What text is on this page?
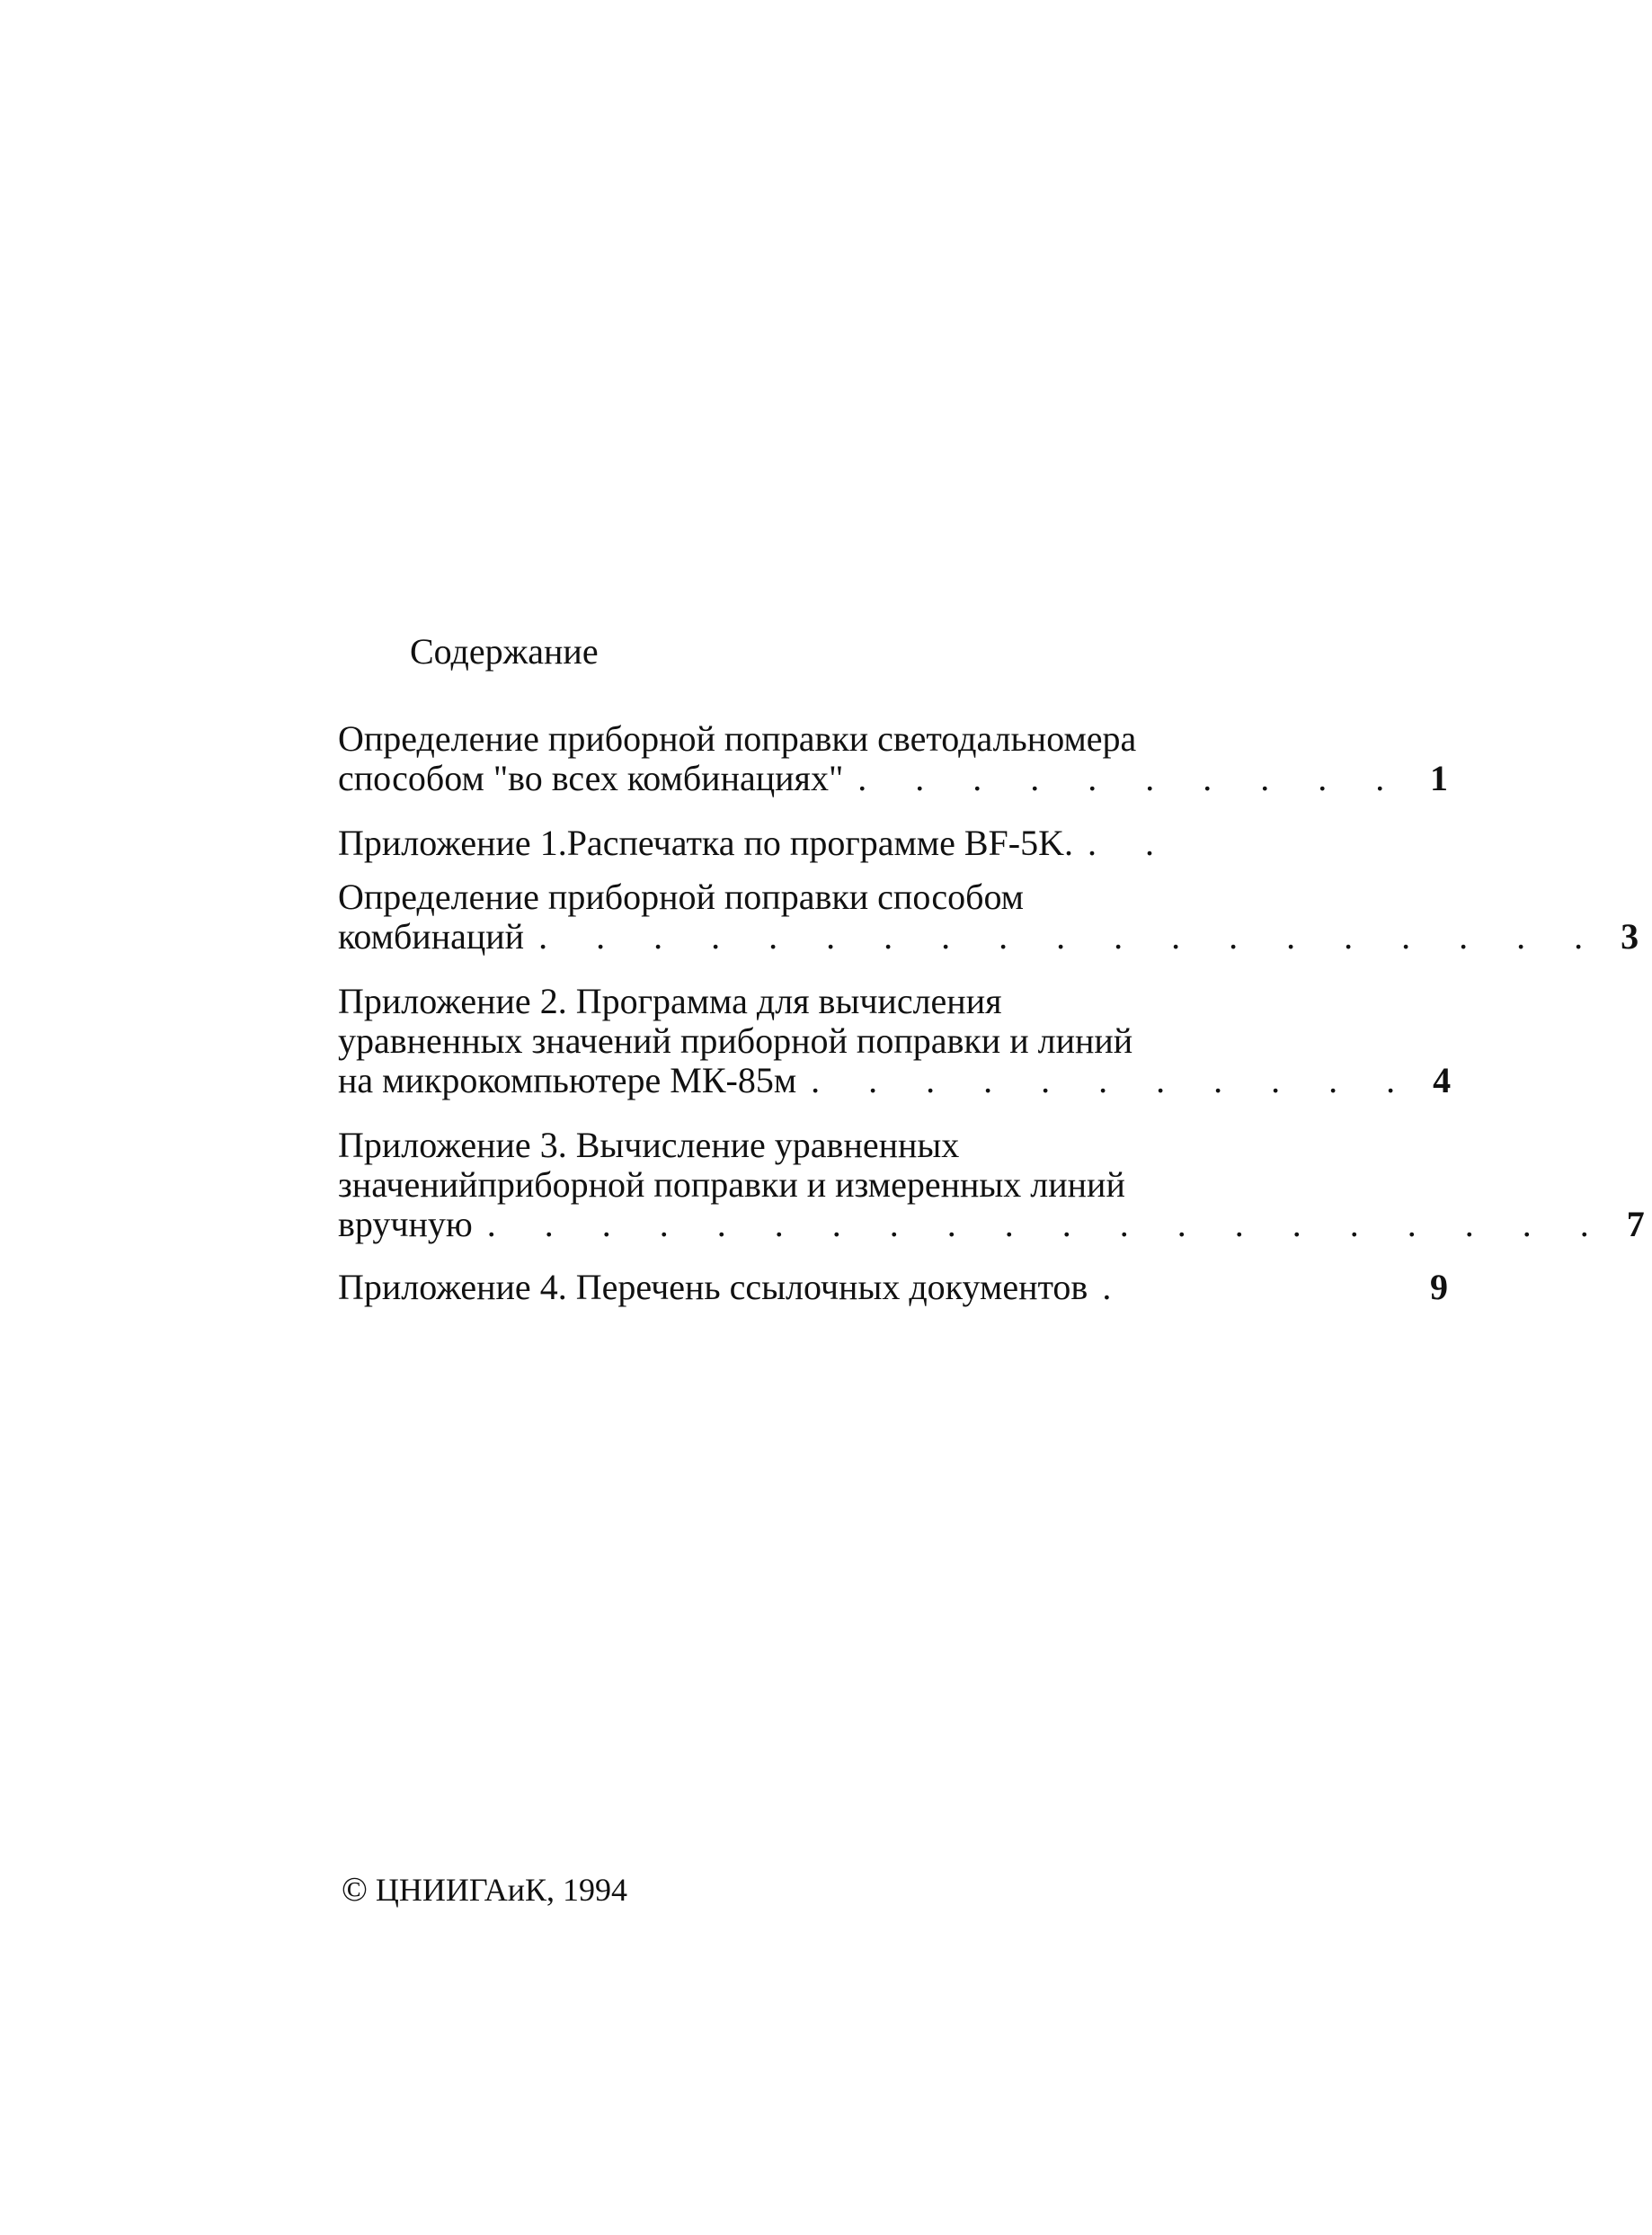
Содержание
Определение приборной поправки светодальномера
способом "во всех комбинациях" . . . . . . . . . . 1
Приложение 1.Распечатка по программе BF-5K. . .
Определение приборной поправки способом
комбинаций . . . . . . . . . . . . . . . . . . . 3
Приложение 2. Программа для вычисления
уравненных значений приборной поправки и линий
на микрокомпьютере МК-85м . . . . . . . . . . . 4
Приложение 3. Вычисление уравненных
значенийприборной поправки и измеренных линий
вручную . . . . . . . . . . . . . . . . . . . . 7
Приложение 4. Перечень ссылочных документов .	9
© ЦНИИГАиК, 1994
